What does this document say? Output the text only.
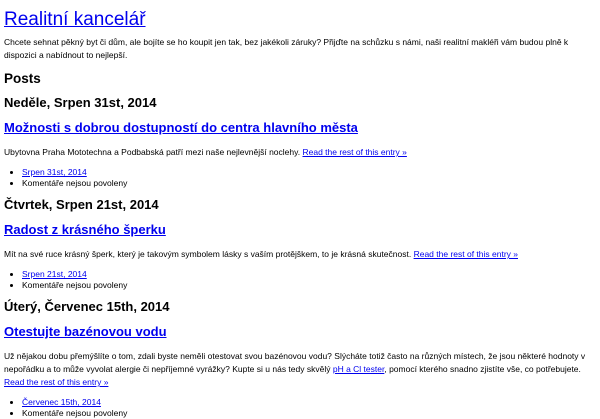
Realitní kancelář

Chcete sehnat pěkný byt či dům, ale bojíte se ho koupit jen tak, bez jakékoli záruky? Přijďte na schůzku s námi, naši realitní makléři vám budou plně k dispozici a nabídnout to nejlepší.

Posts
Neděle, Srpen 31st, 2014
Možnosti s dobrou dostupností do centra hlavního města

Ubytovna Praha Mototechna a Podbabská patří mezi naše nejlevnější noclehy. Read the rest of this entry »

• Srpen 31st, 2014
• Komentáře nejsou povoleny
Čtvrtek, Srpen 21st, 2014
Radost z krásného šperku

Mít na své ruce krásný šperk, který je takovým symbolem lásky s vaším protějškem, to je krásná skutečnost. Read the rest of this entry »

• Srpen 21st, 2014
• Komentáře nejsou povoleny
Úterý, Červenec 15th, 2014
Otestujte bazénovou vodu

Už nějakou dobu přemýšlíte o tom, zdali byste neměli otestovat svou bazénovou vodu? Slýcháte totiž často na různých místech, že jsou některé hodnoty v nepořádku a to může vyvolat alergie či nepříjemné vyrážky? Kupte si u nás tedy skvělý pH a Cl tester, pomocí kterého snadno zjistíte vše, co potřebujete. Read the rest of this entry »

• Červenec 15th, 2014
• Komentáře nejsou povoleny
